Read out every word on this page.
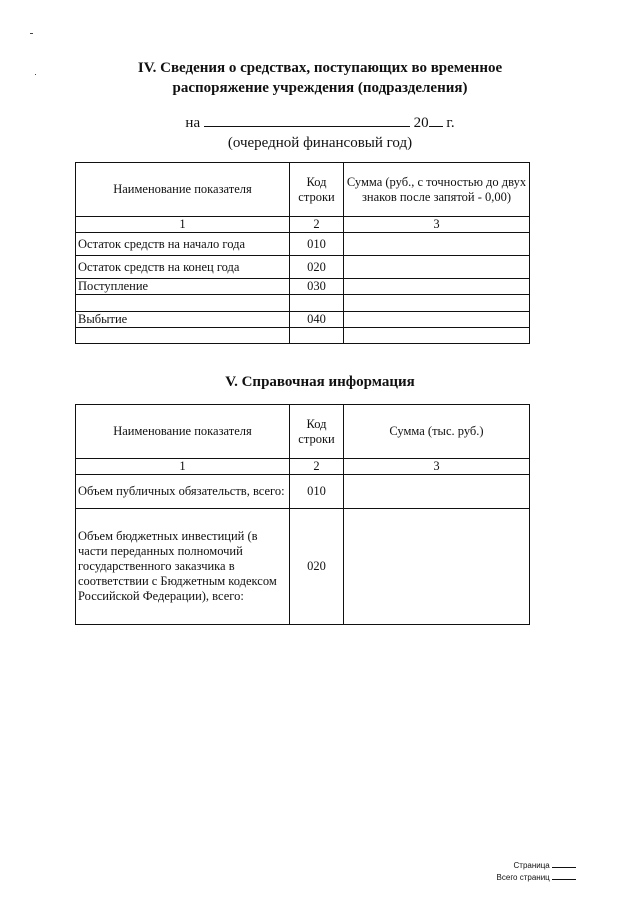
IV. Сведения о средствах, поступающих во временное
распоряжение учреждения (подразделения)
на	20 г.
(очередной финансовый год)
Наименование показателя	Код строки	Сумма (руб., с точностью до двух знаков после запятой - 0,00)
1	2	3
Остаток средств на начало года	010	
Остаток средств на конец года	020	
Поступление	030	

Выбытие	040	

V. Справочная информация
Наименование показателя	Код строки	Сумма (тыс. руб.)
1	2	3
Объем публичных обязательств, всего:	010	
Объем бюджетных инвестиций (в части переданных полномочий государственного заказчика в соответствии с Бюджетным кодексом Российской Федерации), всего:	020	
Страница
Всего страниц
